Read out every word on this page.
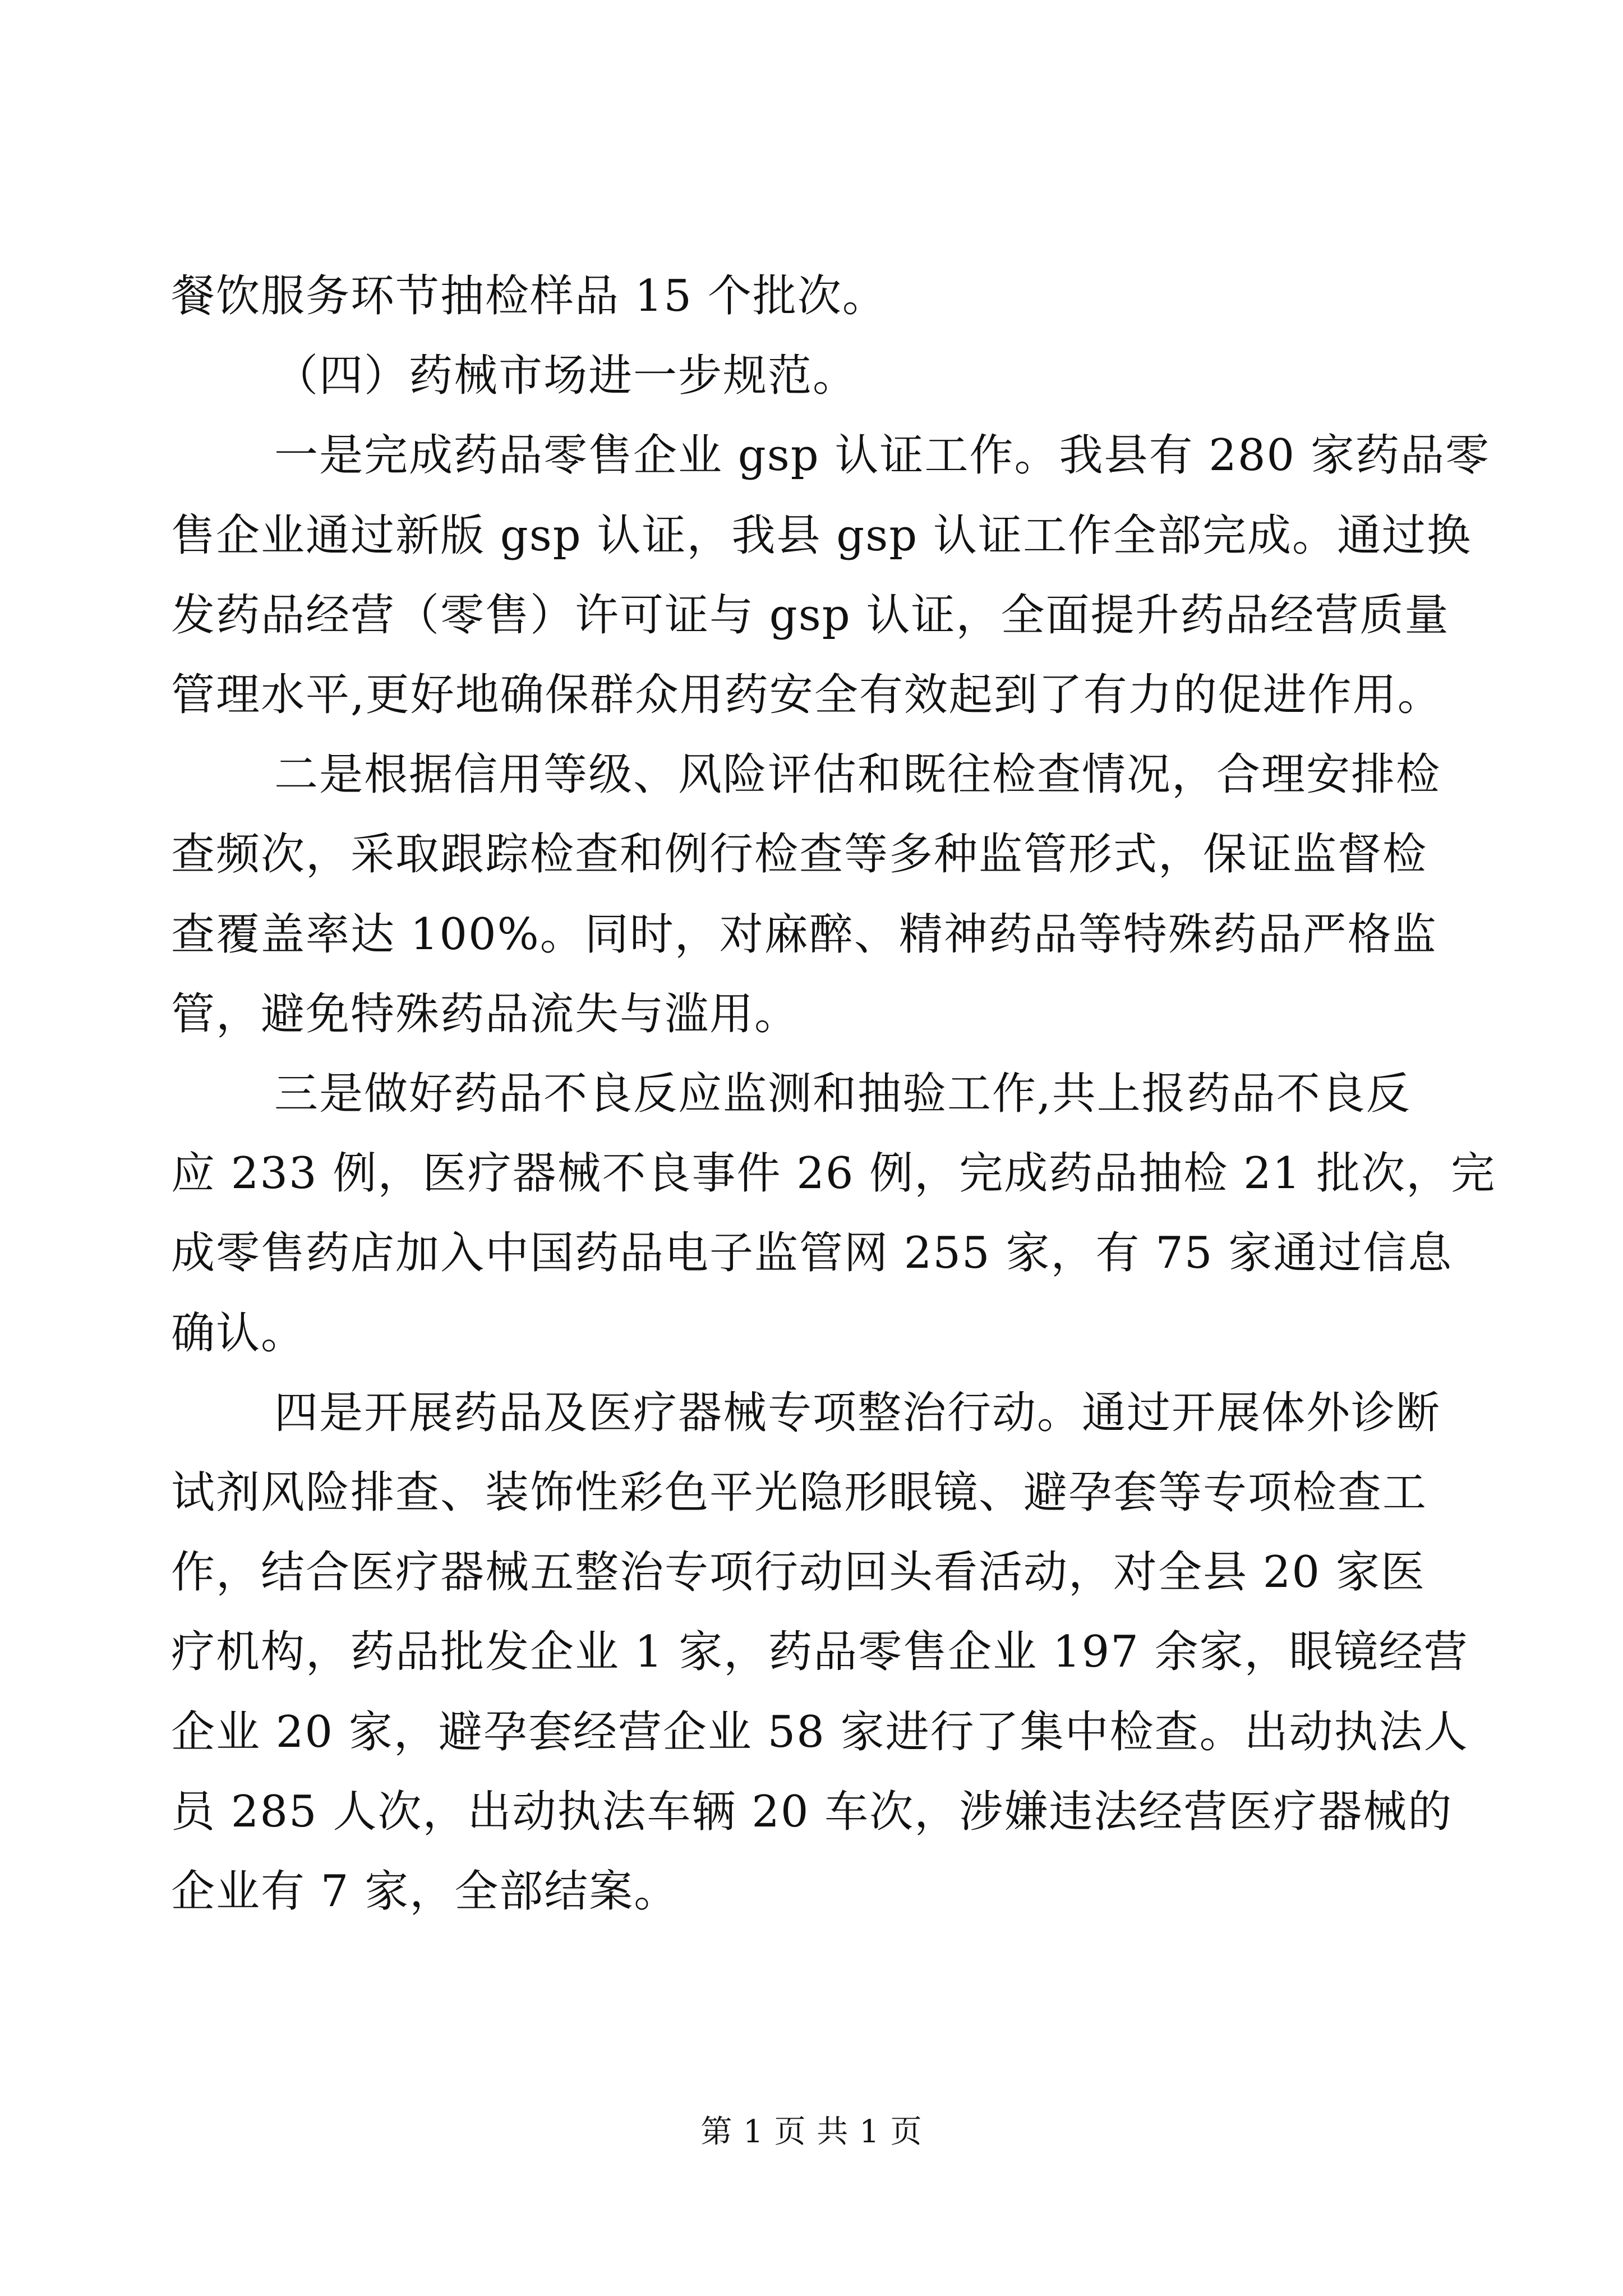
餐饮服务环节抽检样品 15 个批次。
（四）药械市场进一步规范。
一是完成药品零售企业 gsp 认证工作。我县有 280 家药品零
售企业通过新版 gsp 认证，我县 gsp 认证工作全部完成。通过换
发药品经营（零售）许可证与 gsp 认证，全面提升药品经营质量
管理水平,更好地确保群众用药安全有效起到了有力的促进作用。
二是根据信用等级、风险评估和既往检查情况，合理安排检
查频次，采取跟踪检查和例行检查等多种监管形式，保证监督检
查覆盖率达 100%。同时，对麻醉、精神药品等特殊药品严格监
管，避免特殊药品流失与滥用。
三是做好药品不良反应监测和抽验工作,共上报药品不良反
应 233 例，医疗器械不良事件 26 例，完成药品抽检 21 批次，完
成零售药店加入中国药品电子监管网 255 家，有 75 家通过信息
确认。
四是开展药品及医疗器械专项整治行动。通过开展体外诊断
试剂风险排查、装饰性彩色平光隐形眼镜、避孕套等专项检查工
作，结合医疗器械五整治专项行动回头看活动，对全县 20 家医
疗机构，药品批发企业 1 家，药品零售企业 197 余家，眼镜经营
企业 20 家，避孕套经营企业 58 家进行了集中检查。出动执法人
员 285 人次，出动执法车辆 20 车次，涉嫌违法经营医疗器械的
企业有 7 家，全部结案。
第 1 页 共 1 页
